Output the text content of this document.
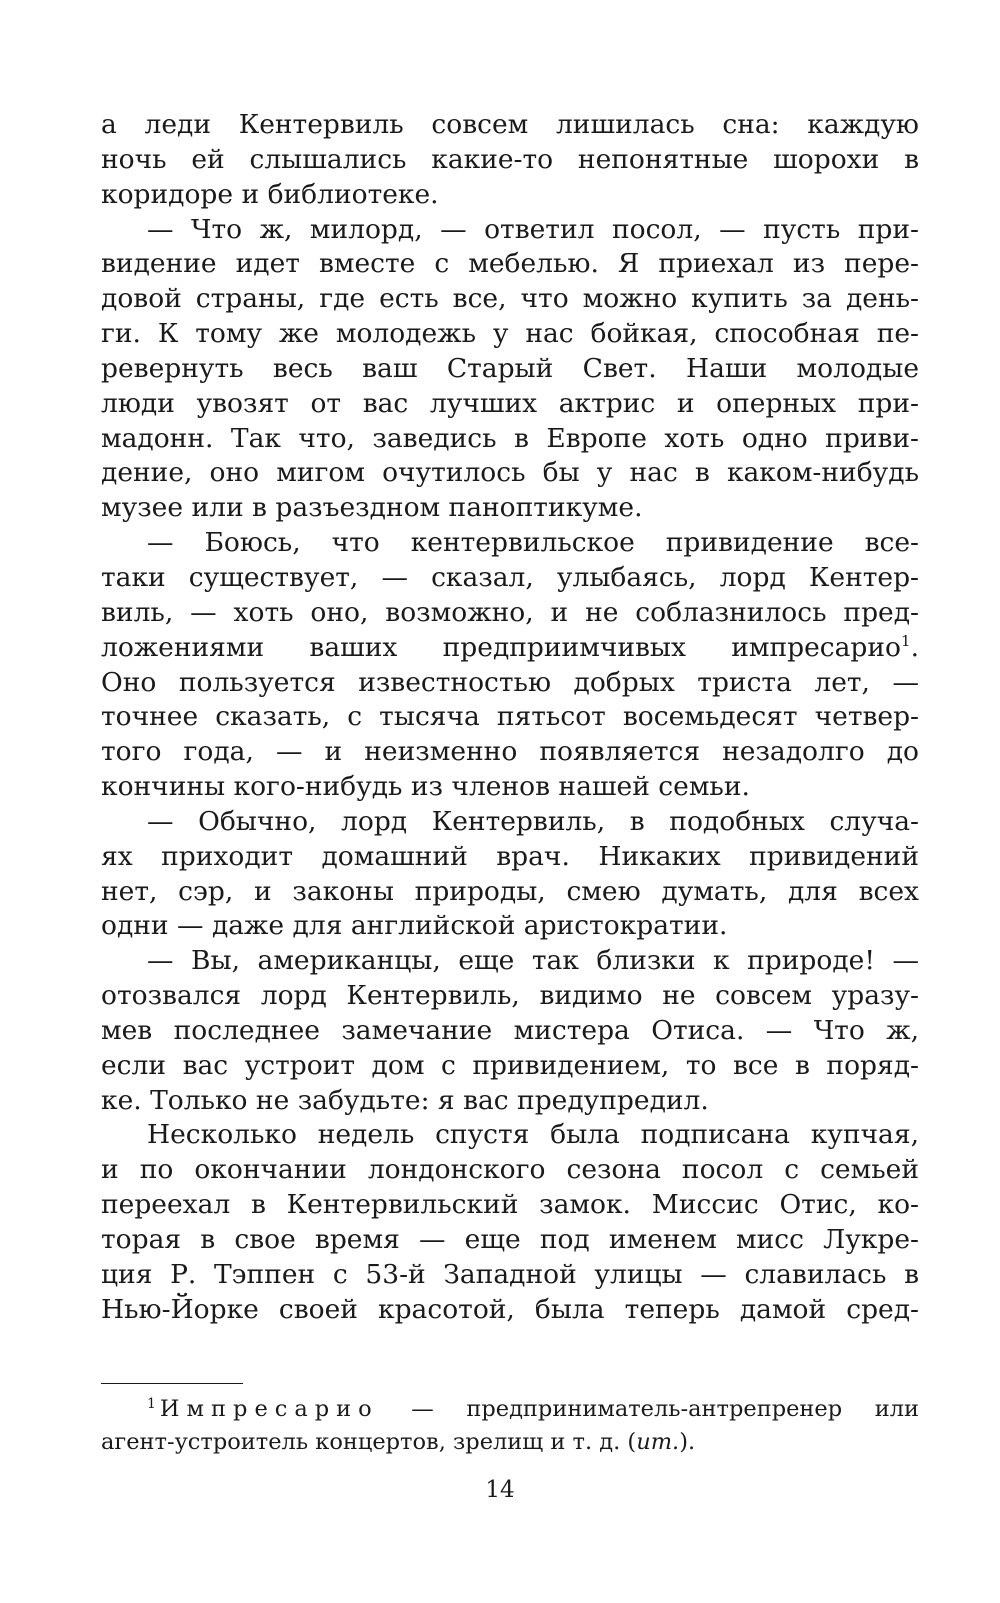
а леди Кентервиль совсем лишилась сна: каждую
ночь ей слышались какие-то непонятные шорохи в
коридоре и библиотеке.
— Что ж, милорд, — ответил посол, — пусть при-
видение идет вместе с мебелью. Я приехал из пере-
довой страны, где есть все, что можно купить за день-
ги. К тому же молодежь у нас бойкая, способная пе-
ревернуть весь ваш Старый Свет. Наши молодые
люди увозят от вас лучших актрис и оперных при-
мадонн. Так что, заведись в Европе хоть одно приви-
дение, оно мигом очутилось бы у нас в каком-нибудь
музее или в разъездном паноптикуме.
— Боюсь, что кентервильское привидение все-
таки существует, — сказал, улыбаясь, лорд Кентер-
виль, — хоть оно, возможно, и не соблазнилось пред-
ложениями ваших предприимчивых импресарио$^1$.
Оно пользуется известностью добрых триста лет, —
точнее сказать, с тысяча пятьсот восемьдесят четвер-
того года, — и неизменно появляется незадолго до
кончины кого-нибудь из членов нашей семьи.
— Обычно, лорд Кентервиль, в подобных случа-
ях приходит домашний врач. Никаких привидений
нет, сэр, и законы природы, смею думать, для всех
одни — даже для английской аристократии.
— Вы, американцы, еще так близки к природе! —
отозвался лорд Кентервиль, видимо не совсем уразу-
мев последнее замечание мистера Отиса. — Что ж,
если вас устроит дом с привидением, то все в поряд-
ке. Только не забудьте: я вас предупредил.
Несколько недель спустя была подписана купчая,
и по окончании лондонского сезона посол с семьей
переехал в Кентервильский замок. Миссис Отис, ко-
торая в свое время — еще под именем мисс Лукре-
ция Р. Тэппен с 53-й Западной улицы — славилась в
Нью-Йорке своей красотой, была теперь дамой сред-
$^1$ Импресарио — предприниматель-антрепренер или
агент-устроитель концертов, зрелищ и т. д. (ит.).
14
